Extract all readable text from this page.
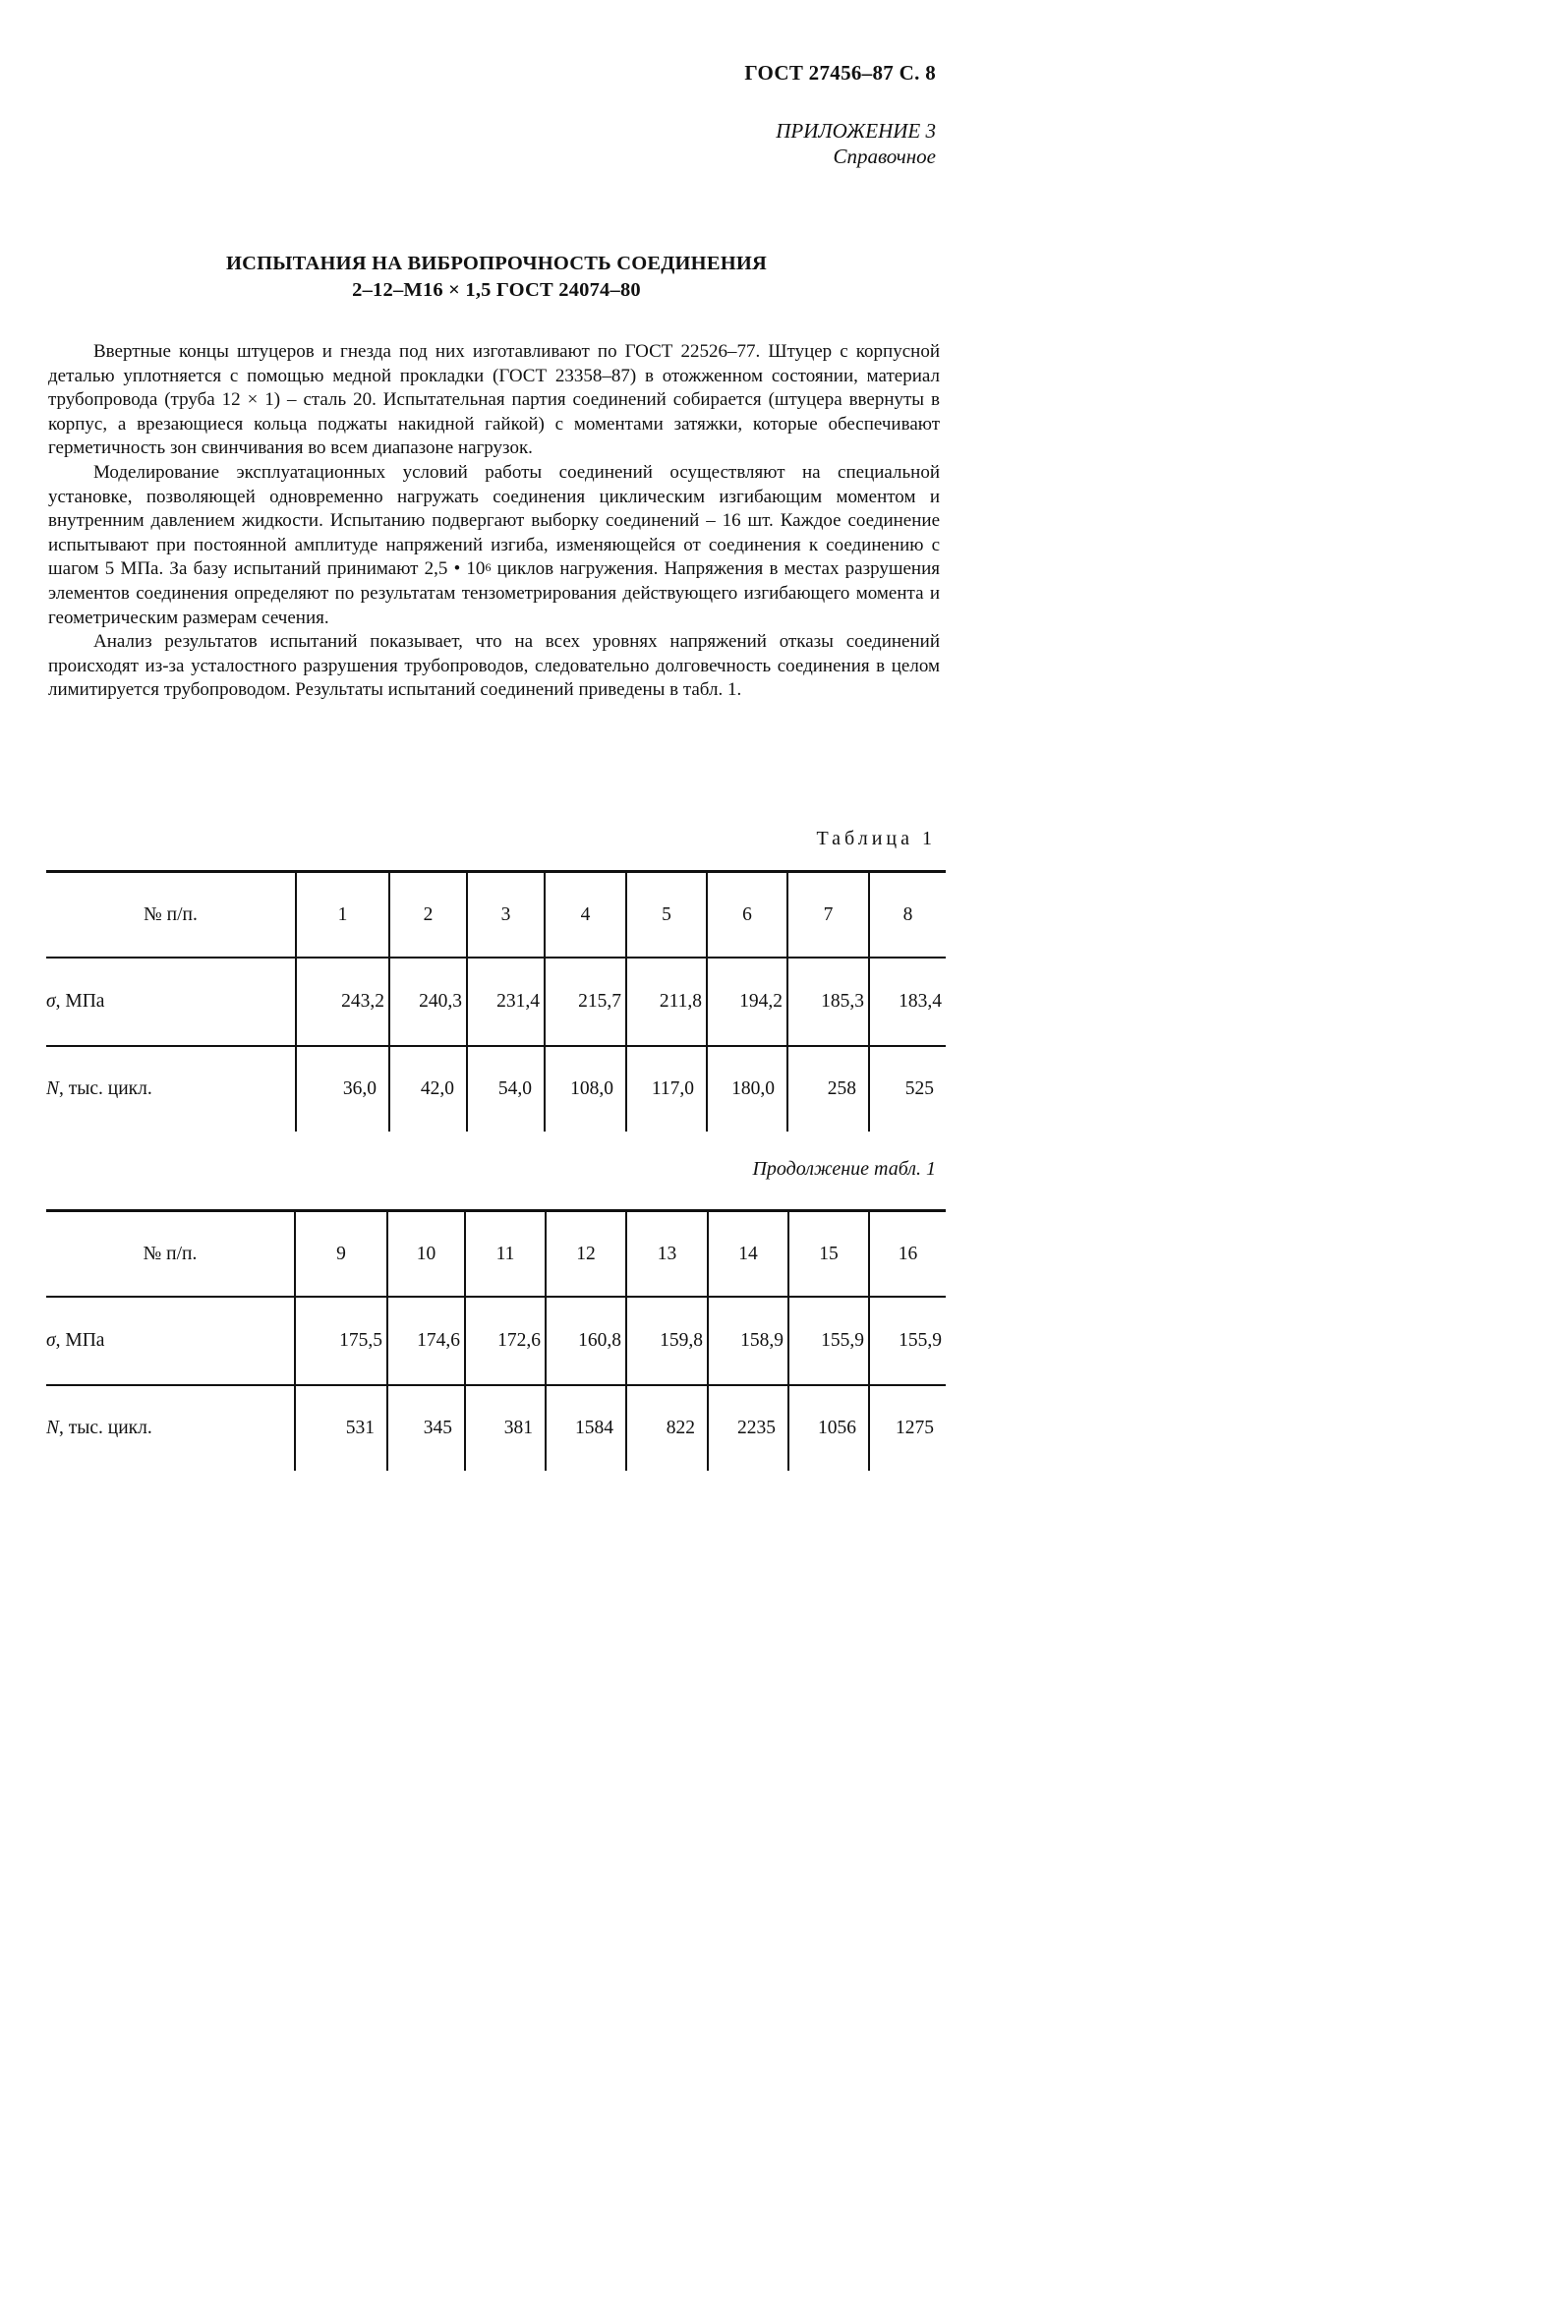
ГОСТ 27456–87 С. 8
ПРИЛОЖЕНИЕ 3
Справочное
ИСПЫТАНИЯ НА ВИБРОПРОЧНОСТЬ СОЕДИНЕНИЯ
2–12–М16 × 1,5 ГОСТ 24074–80

Ввертные концы штуцеров и гнезда под них изготавливают по ГОСТ 22526–77. Штуцер с корпусной деталью уплотняется с помощью медной прокладки (ГОСТ 23358–87) в отожженном состоянии, материал трубопровода (труба 12 × 1) – сталь 20. Испытательная партия соединений собирается (штуцера ввернуты в корпус, а врезающиеся кольца поджаты накидной гайкой) с моментами затяжки, которые обеспечивают герметичность зон свинчивания во всем диапазоне нагрузок.

Моделирование эксплуатационных условий работы соединений осуществляют на специальной установке, позволяющей одновременно нагружать соединения циклическим изгибающим моментом и внутренним давлением жидкости. Испытанию подвергают выборку соединений – 16 шт. Каждое соединение испытывают при постоянной амплитуде напряжений изгиба, изменяющейся от соединения к соединению с шагом 5 МПа. За базу испытаний принимают 2,5 • $10^6$ циклов нагружения. Напряжения в местах разрушения элементов соединения определяют по результатам тензометрирования действующего изгибающего момента и геометрическим размерам сечения.

Анализ результатов испытаний показывает, что на всех уровнях напряжений отказы соединений происходят из-за усталостного разрушения трубопроводов, следовательно долговечность соединения в целом лимитируется трубопроводом. Результаты испытаний соединений приведены в табл. 1.

Таблица 1
№ п/п.	1	2	3	4	5	6	7	8
σ, МПа	243,2	240,3	231,4	215,7	211,8	194,2	185,3	183,4
N, тыс. цикл.	36,0	42,0	54,0	108,0	117,0	180,0	258	525
Продолжение табл. 1
№ п/п.	9	10	11	12	13	14	15	16
σ, МПа	175,5	174,6	172,6	160,8	159,8	158,9	155,9	155,9
N, тыс. цикл.	531	345	381	1584	822	2235	1056	1275
